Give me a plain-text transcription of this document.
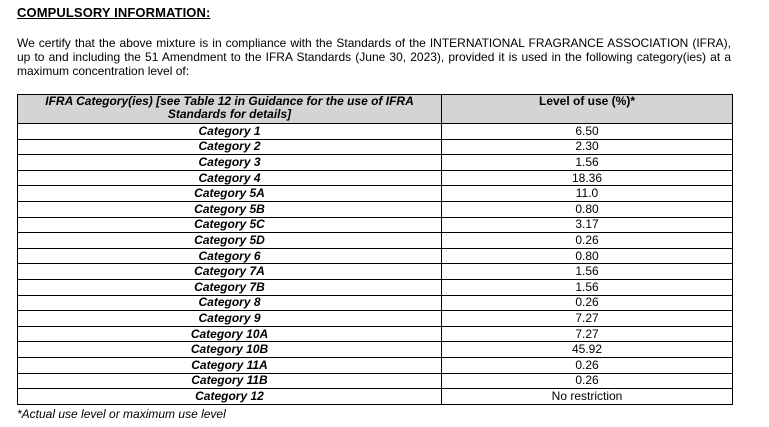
COMPULSORY INFORMATION:
We certify that the above mixture is in compliance with the Standards of the INTERNATIONAL FRAGRANCE ASSOCIATION (IFRA), up to and including the 51 Amendment to the IFRA Standards (June 30, 2023), provided it is used in the following category(ies) at a maximum concentration level of:
IFRA Category(ies) [see Table 12 in Guidance for the use of IFRA Standards for details]	Level of use (%)*
Category 1	6.50
Category 2	2.30
Category 3	1.56
Category 4	18.36
Category 5A	11.0
Category 5B	0.80
Category 5C	3.17
Category 5D	0.26
Category 6	0.80
Category 7A	1.56
Category 7B	1.56
Category 8	0.26
Category 9	7.27
Category 10A	7.27
Category 10B	45.92
Category 11A	0.26
Category 11B	0.26
Category 12	No restriction
*Actual use level or maximum use level
